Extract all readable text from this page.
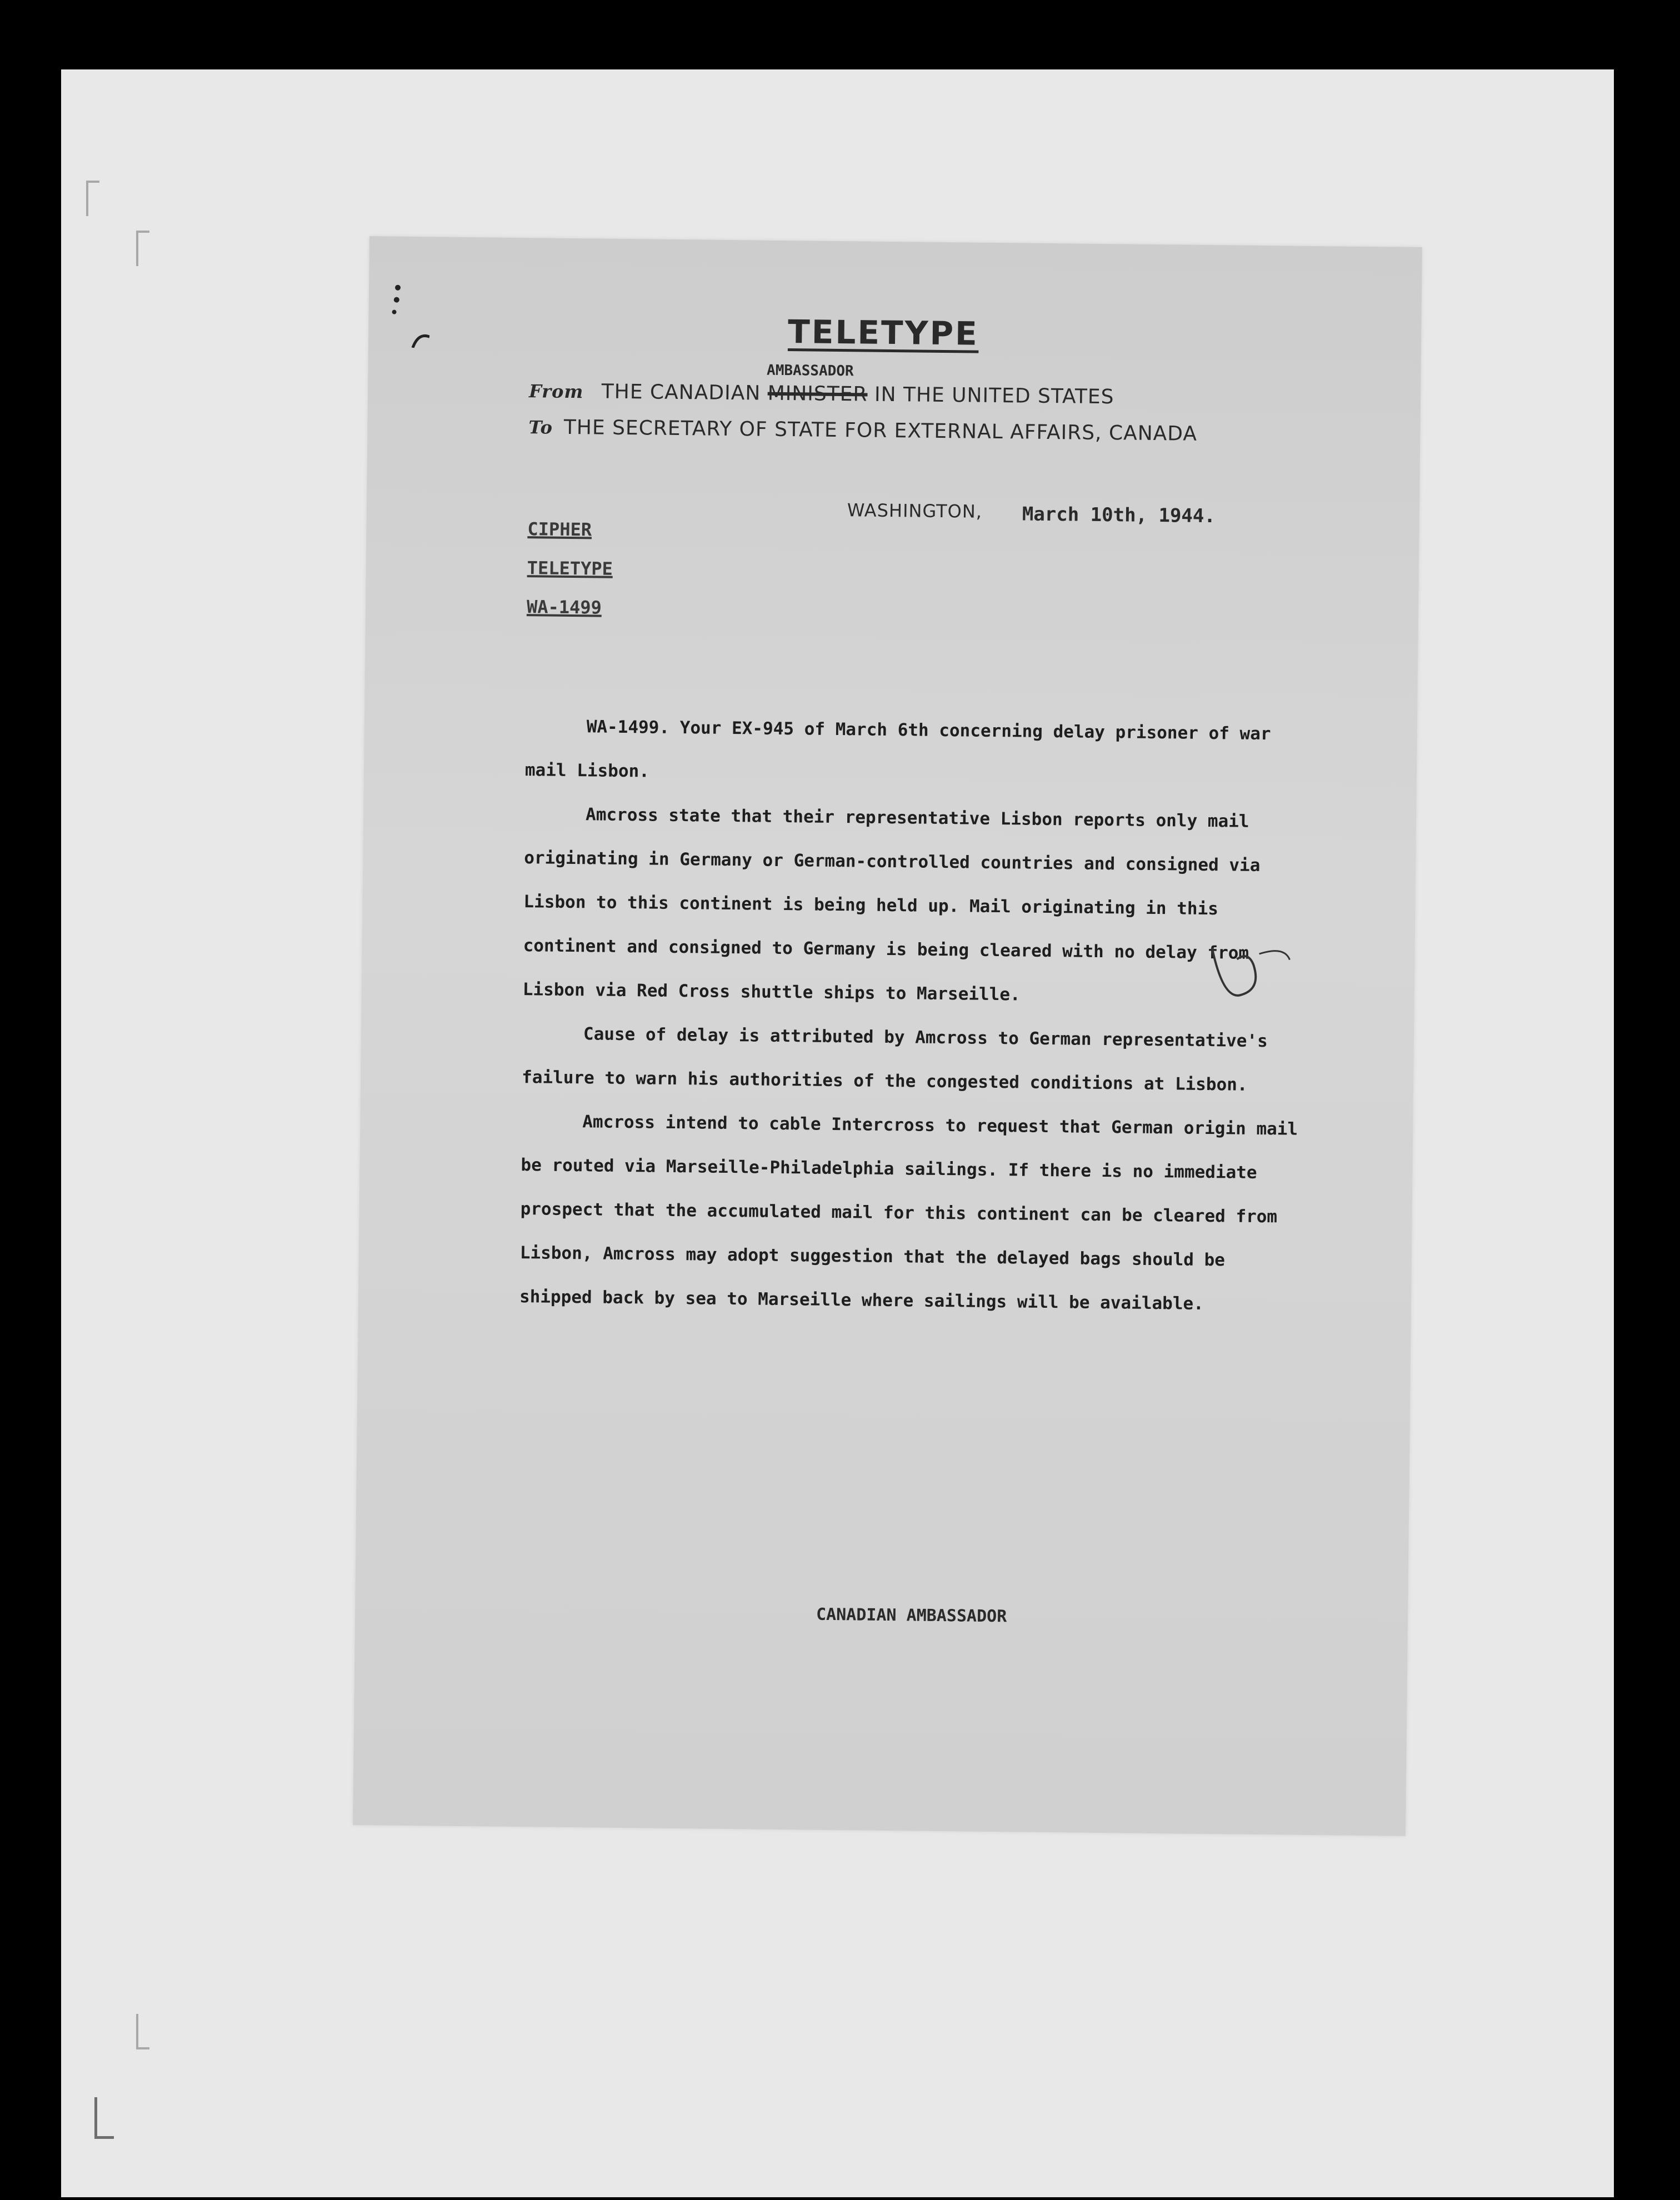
TELETYPE
From THE CANADIAN MINISTER
AMBASSADOR
IN THE UNITED STATES
To THE SECRETARY OF STATE FOR EXTERNAL AFFAIRS, CANADA
WASHINGTON, March 10th, 1944.
CIPHER
TELETYPE
WA-1499

WA-1499. Your EX-945 of March 6th concerning delay prisoner of war mail Lisbon.

Amcross state that their representative Lisbon reports only mail originating in Germany or German-controlled countries and consigned via Lisbon to this continent is being held up. Mail originating in this continent and consigned to Germany is being cleared with no delay from Lisbon via Red Cross shuttle ships to Marseille.

Cause of delay is attributed by Amcross to German representative's failure to warn his authorities of the congested conditions at Lisbon.

Amcross intend to cable Intercross to request that German origin mail be routed via Marseille-Philadelphia sailings. If there is no immediate prospect that the accumulated mail for this continent can be cleared from Lisbon, Amcross may adopt suggestion that the delayed bags should be shipped back by sea to Marseille where sailings will be available.

CANADIAN AMBASSADOR
